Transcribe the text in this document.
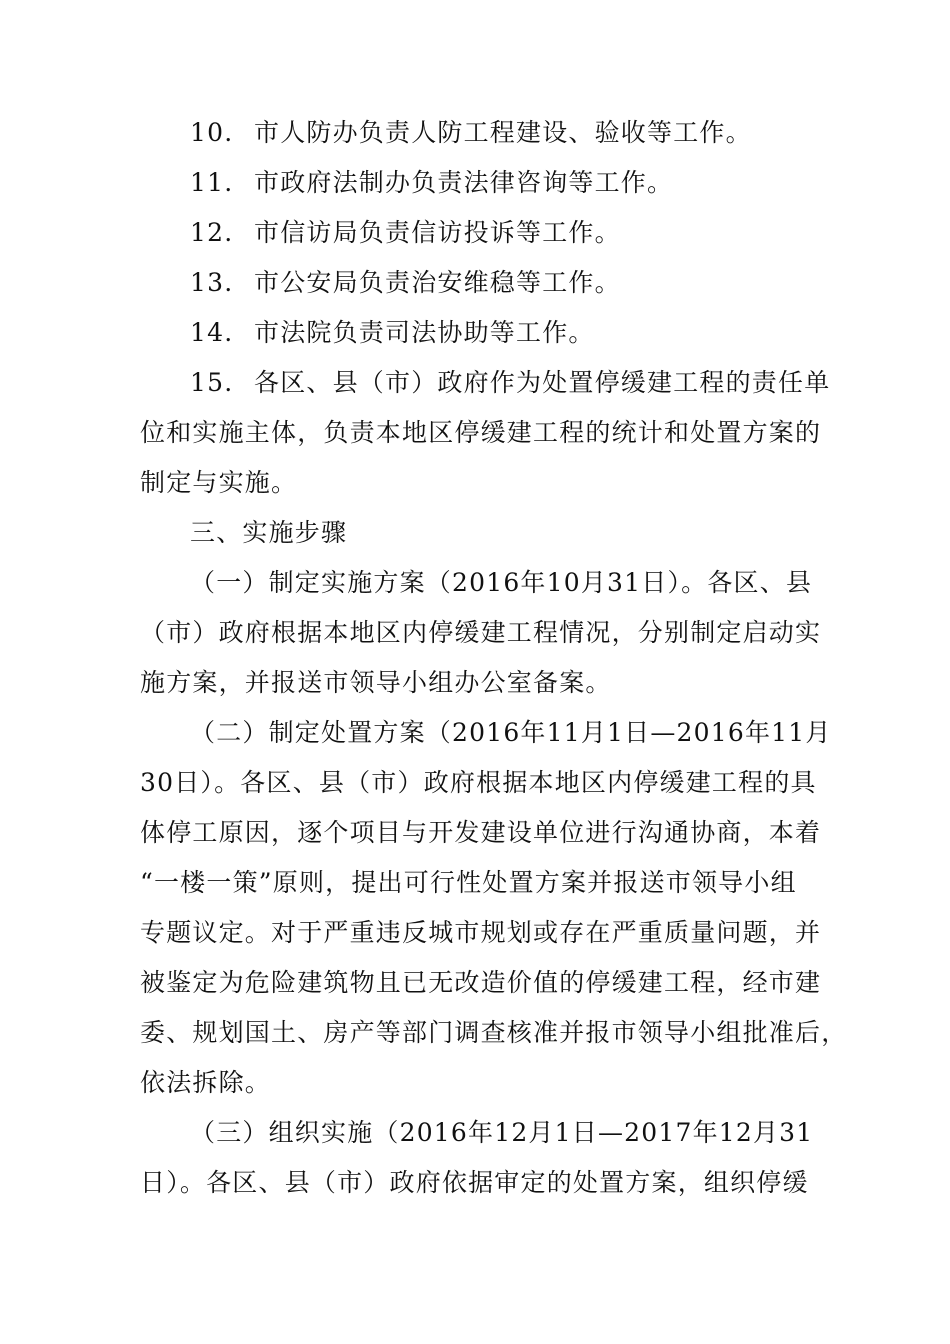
10. 市人防办负责人防工程建设、验收等工作。
11. 市政府法制办负责法律咨询等工作。
12. 市信访局负责信访投诉等工作。
13. 市公安局负责治安维稳等工作。
14. 市法院负责司法协助等工作。
15. 各区、县（市）政府作为处置停缓建工程的责任单
位和实施主体，负责本地区停缓建工程的统计和处置方案的
制定与实施。
三、实施步骤
（一）制定实施方案（2016年10月31日）。各区、县
（市）政府根据本地区内停缓建工程情况，分别制定启动实
施方案，并报送市领导小组办公室备案。
（二）制定处置方案（2016年11月1日—2016年11月
30日）。各区、县（市）政府根据本地区内停缓建工程的具
体停工原因，逐个项目与开发建设单位进行沟通协商，本着
“一楼一策”原则，提出可行性处置方案并报送市领导小组
专题议定。对于严重违反城市规划或存在严重质量问题，并
被鉴定为危险建筑物且已无改造价值的停缓建工程，经市建
委、规划国土、房产等部门调查核准并报市领导小组批准后，
依法拆除。
（三）组织实施（2016年12月1日—2017年12月31
日）。各区、县（市）政府依据审定的处置方案，组织停缓
